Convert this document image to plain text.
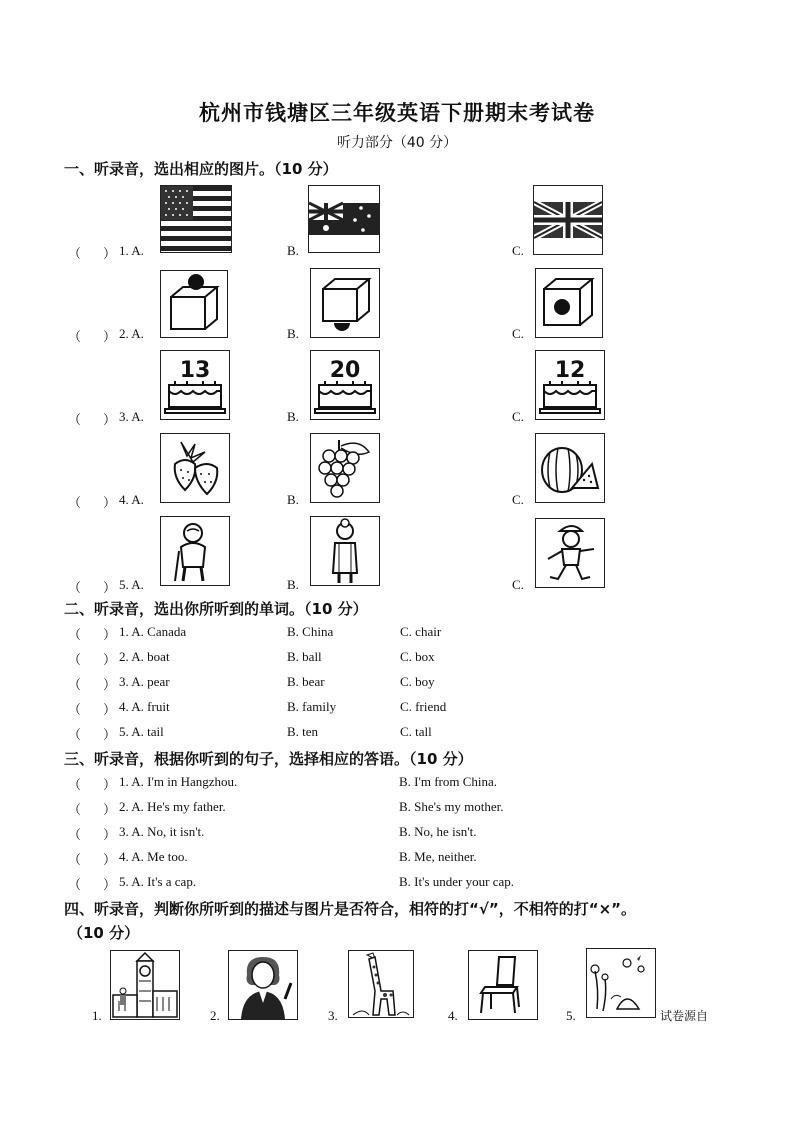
杭州市钱塘区三年级英语下册期末考试卷
听力部分（40 分）
一、听录音，选出相应的图片。（10 分）
（ ） 1. A.	B.	C.
（ ） 2. A.	B.	C.
（ ） 3. A.	B.	C.
13	20	12
（ ） 4. A.	B.	C.
（ ） 5. A.	B.	C.
二、听录音，选出你所听到的单词。（10 分）
（ ） 1. A. Canada	B. China	C. chair
（ ） 2. A. boat	B. ball	C. box
（ ） 3. A. pear	B. bear	C. boy
（ ） 4. A. fruit	B. family	C. friend
（ ） 5. A. tail	B. ten	C. tall
三、听录音，根据你听到的句子，选择相应的答语。（10 分）
（ ） 1. A. I'm in Hangzhou.	B. I'm from China.
（ ） 2. A. He's my father.	B. She's my mother.
（ ） 3. A. No, it isn't.	B. No, he isn't.
（ ） 4. A. Me too.	B. Me, neither.
（ ） 5. A. It's a cap.	B. It's under your cap.
四、听录音，判断你所听到的描述与图片是否符合，相符的打“√”，不相符的打“×”。
（10 分）
1.	2.	3.	4.	5.	试卷源自
